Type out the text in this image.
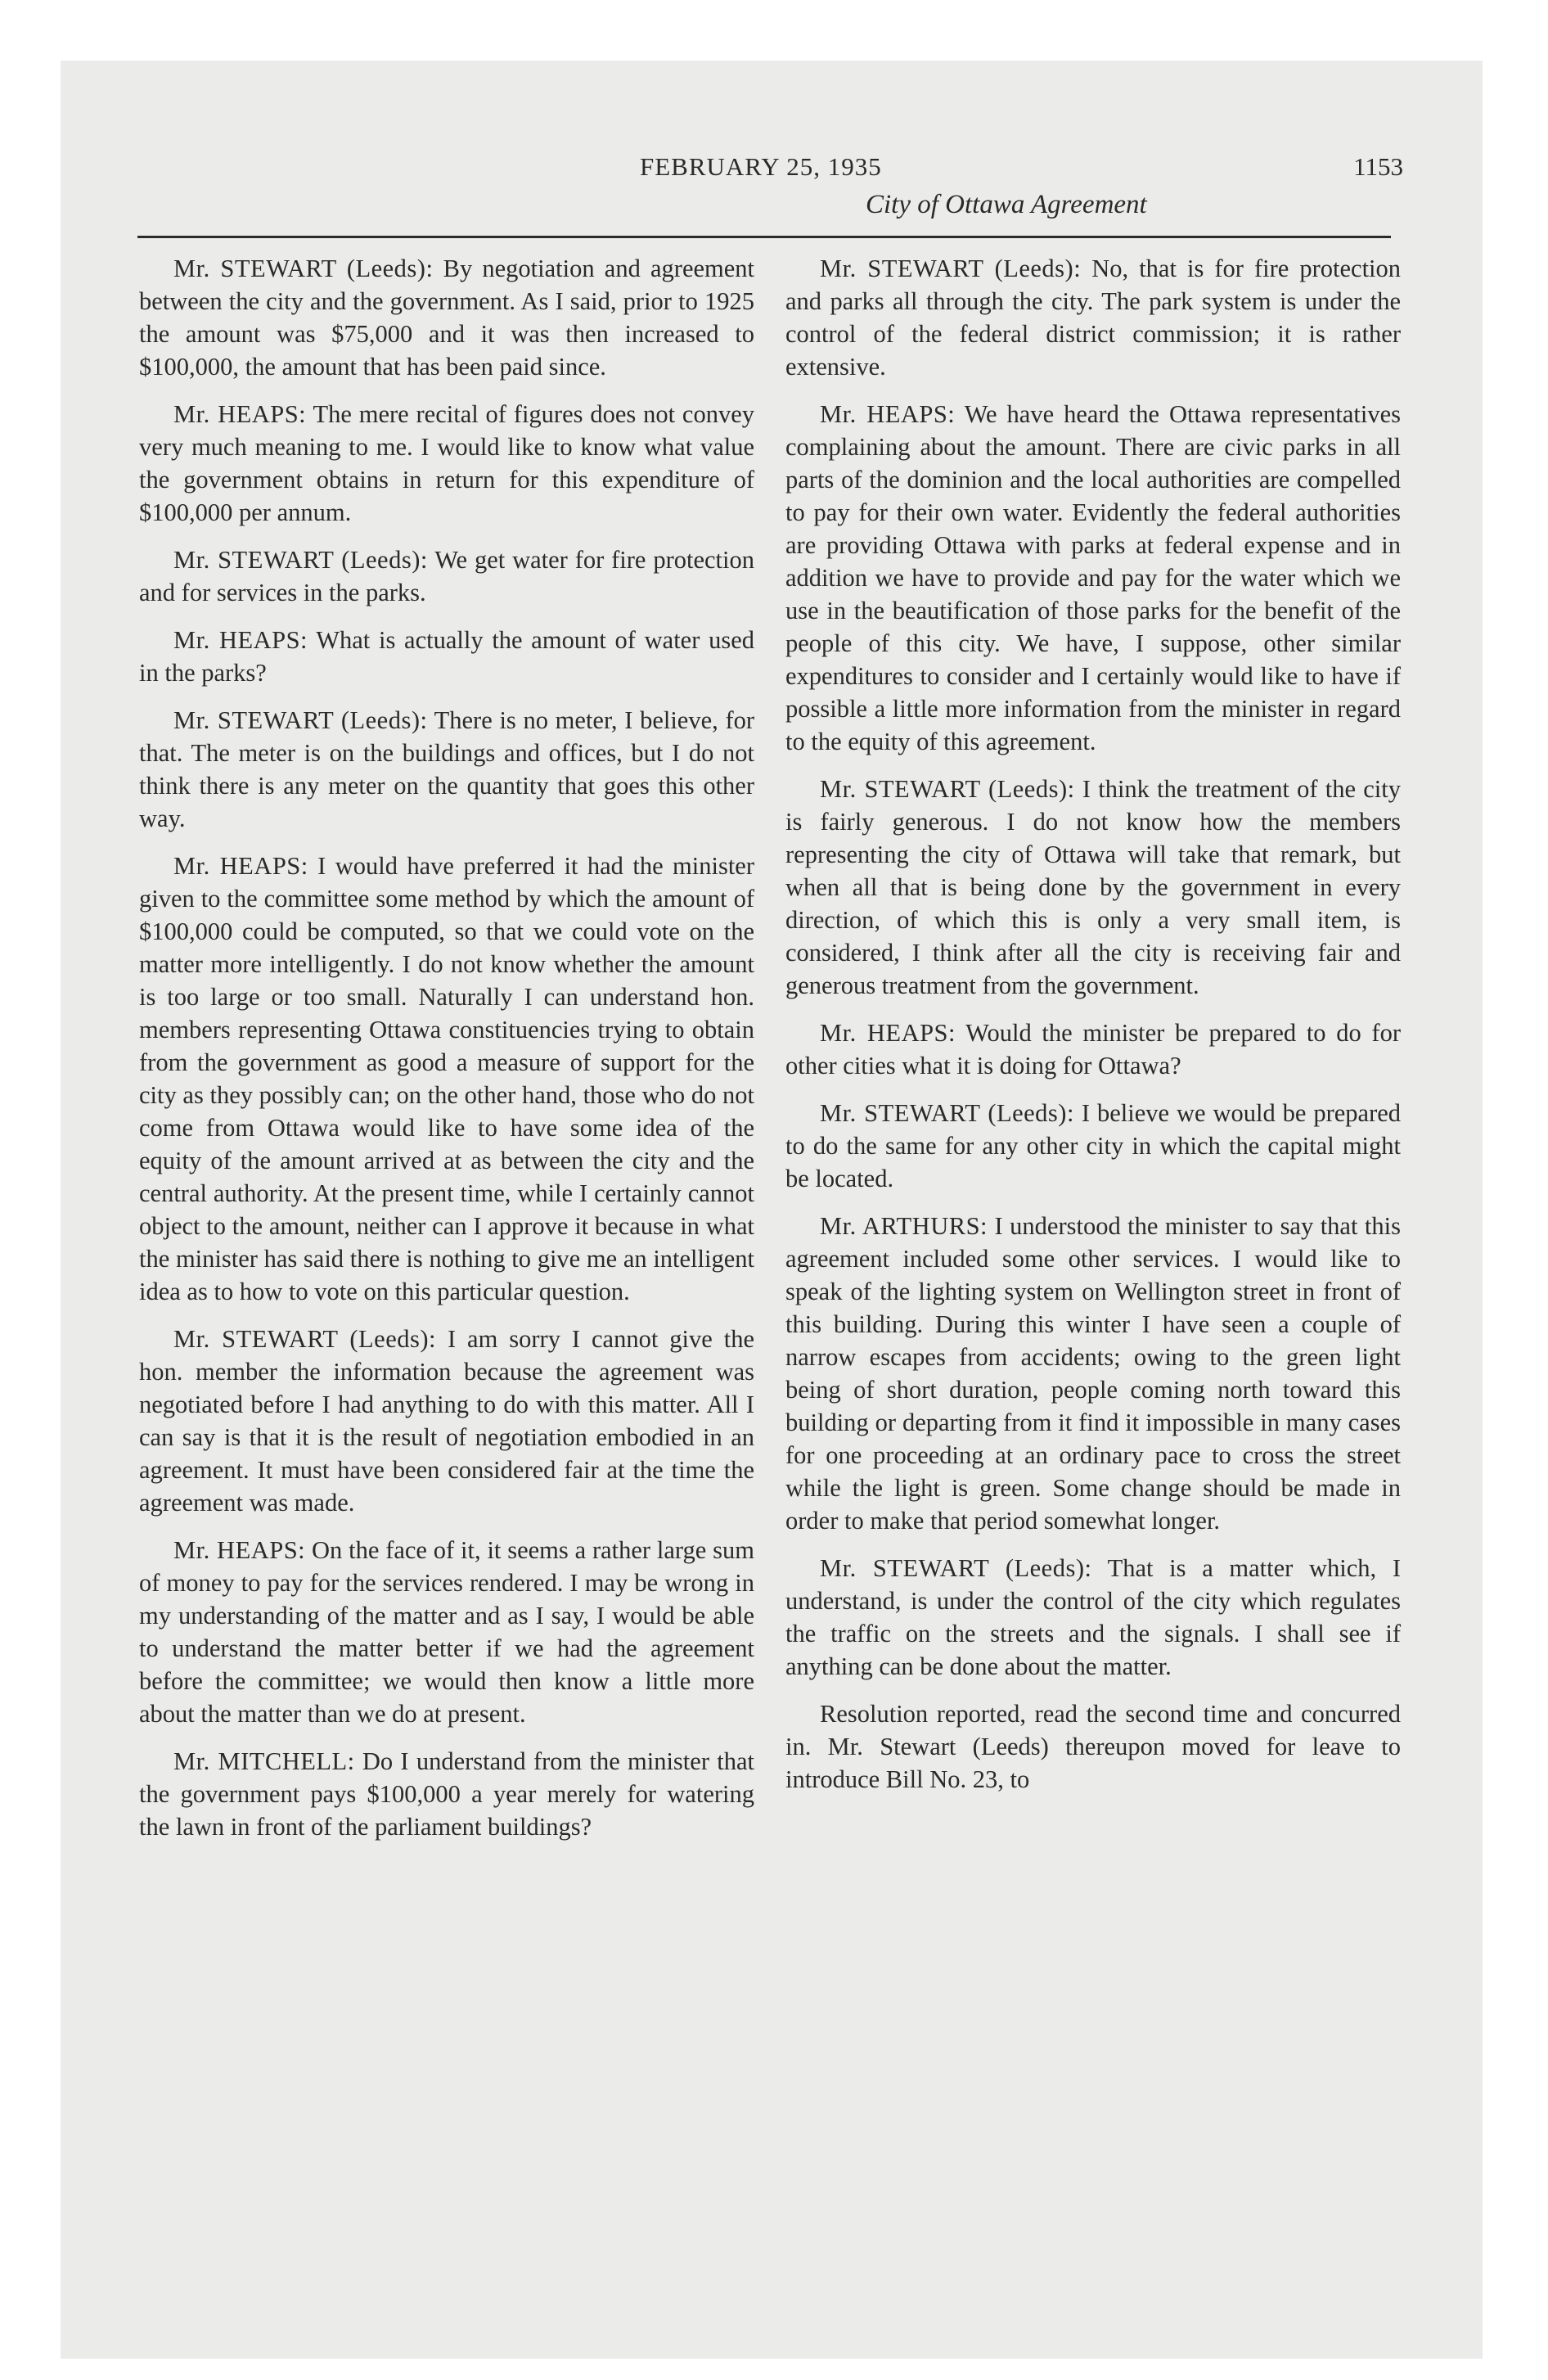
FEBRUARY 25, 1935	1153
City of Ottawa Agreement

Mr. STEWART (Leeds): By negotiation and agreement between the city and the government. As I said, prior to 1925 the amount was $75,000 and it was then increased to $100,000, the amount that has been paid since.

Mr. HEAPS: The mere recital of figures does not convey very much meaning to me. I would like to know what value the government obtains in return for this expenditure of $100,000 per annum.

Mr. STEWART (Leeds): We get water for fire protection and for services in the parks.

Mr. HEAPS: What is actually the amount of water used in the parks?

Mr. STEWART (Leeds): There is no meter, I believe, for that. The meter is on the buildings and offices, but I do not think there is any meter on the quantity that goes this other way.

Mr. HEAPS: I would have preferred it had the minister given to the committee some method by which the amount of $100,000 could be computed, so that we could vote on the matter more intelligently. I do not know whether the amount is too large or too small. Naturally I can understand hon. members representing Ottawa constituencies trying to obtain from the government as good a measure of support for the city as they possibly can; on the other hand, those who do not come from Ottawa would like to have some idea of the equity of the amount arrived at as between the city and the central authority. At the present time, while I certainly cannot object to the amount, neither can I approve it because in what the minister has said there is nothing to give me an intelligent idea as to how to vote on this particular question.

Mr. STEWART (Leeds): I am sorry I cannot give the hon. member the information because the agreement was negotiated before I had anything to do with this matter. All I can say is that it is the result of negotiation embodied in an agreement. It must have been considered fair at the time the agreement was made.

Mr. HEAPS: On the face of it, it seems a rather large sum of money to pay for the services rendered. I may be wrong in my understanding of the matter and as I say, I would be able to understand the matter better if we had the agreement before the committee; we would then know a little more about the matter than we do at present.

Mr. MITCHELL: Do I understand from the minister that the government pays $100,000 a year merely for watering the lawn in front of the parliament buildings?

Mr. STEWART (Leeds): No, that is for fire protection and parks all through the city. The park system is under the control of the federal district commission; it is rather extensive.

Mr. HEAPS: We have heard the Ottawa representatives complaining about the amount. There are civic parks in all parts of the dominion and the local authorities are compelled to pay for their own water. Evidently the federal authorities are providing Ottawa with parks at federal expense and in addition we have to provide and pay for the water which we use in the beautification of those parks for the benefit of the people of this city. We have, I suppose, other similar expenditures to consider and I certainly would like to have if possible a little more information from the minister in regard to the equity of this agreement.

Mr. STEWART (Leeds): I think the treatment of the city is fairly generous. I do not know how the members representing the city of Ottawa will take that remark, but when all that is being done by the government in every direction, of which this is only a very small item, is considered, I think after all the city is receiving fair and generous treatment from the government.

Mr. HEAPS: Would the minister be prepared to do for other cities what it is doing for Ottawa?

Mr. STEWART (Leeds): I believe we would be prepared to do the same for any other city in which the capital might be located.

Mr. ARTHURS: I understood the minister to say that this agreement included some other services. I would like to speak of the lighting system on Wellington street in front of this building. During this winter I have seen a couple of narrow escapes from accidents; owing to the green light being of short duration, people coming north toward this building or departing from it find it impossible in many cases for one proceeding at an ordinary pace to cross the street while the light is green. Some change should be made in order to make that period somewhat longer.

Mr. STEWART (Leeds): That is a matter which, I understand, is under the control of the city which regulates the traffic on the streets and the signals. I shall see if anything can be done about the matter.

Resolution reported, read the second time and concurred in. Mr. Stewart (Leeds) thereupon moved for leave to introduce Bill No. 23, to
